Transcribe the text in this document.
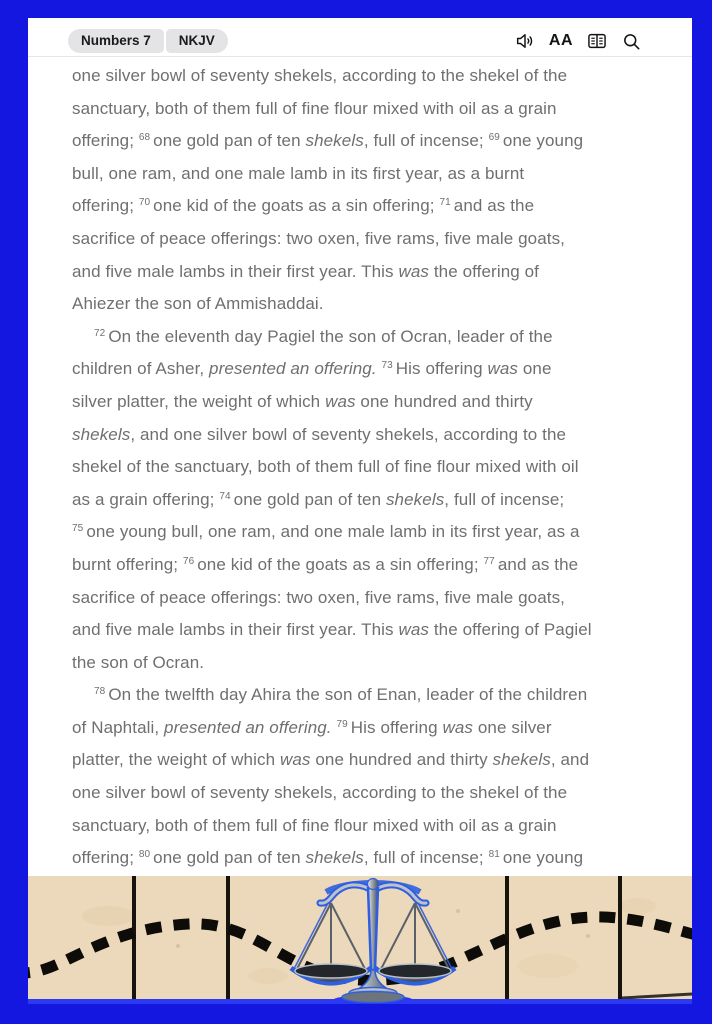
Numbers 7	NKJV	AA
one silver bowl of seventy shekels, according to the shekel of the
sanctuary, both of them full of fine flour mixed with oil as a grain
offering; $^{68}$ one gold pan of ten shekels, full of incense; $^{69}$ one young
bull, one ram, and one male lamb in its first year, as a burnt
offering; $^{70}$ one kid of the goats as a sin offering; $^{71}$ and as the
sacrifice of peace offerings: two oxen, five rams, five male goats,
and five male lambs in their first year. This was the offering of
Ahiezer the son of Ammishaddai.
$^{72}$ On the eleventh day Pagiel the son of Ocran, leader of the
children of Asher, presented an offering. $^{73}$ His offering was one
silver platter, the weight of which was one hundred and thirty
shekels, and one silver bowl of seventy shekels, according to the
shekel of the sanctuary, both of them full of fine flour mixed with oil
as a grain offering; $^{74}$ one gold pan of ten shekels, full of incense;
$^{75}$ one young bull, one ram, and one male lamb in its first year, as a
burnt offering; $^{76}$ one kid of the goats as a sin offering; $^{77}$ and as the
sacrifice of peace offerings: two oxen, five rams, five male goats,
and five male lambs in their first year. This was the offering of Pagiel
the son of Ocran.
$^{78}$ On the twelfth day Ahira the son of Enan, leader of the children
of Naphtali, presented an offering. $^{79}$ His offering was one silver
platter, the weight of which was one hundred and thirty shekels, and
one silver bowl of seventy shekels, according to the shekel of the
sanctuary, both of them full of fine flour mixed with oil as a grain
offering; $^{80}$ one gold pan of ten shekels, full of incense; $^{81}$ one young
